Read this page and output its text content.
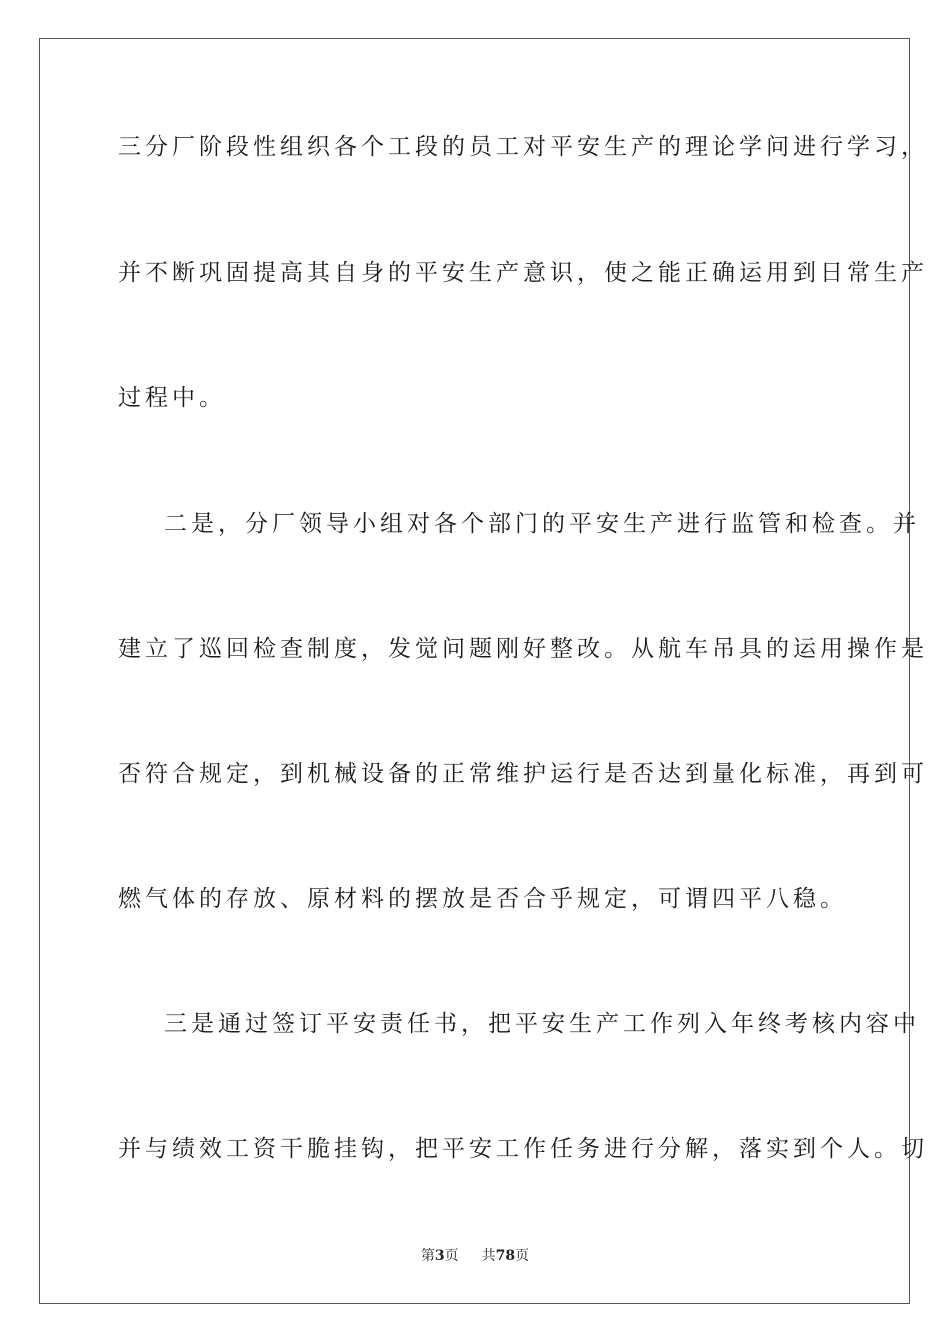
三分厂阶段性组织各个工段的员工对平安生产的理论学问进行学习，
并不断巩固提高其自身的平安生产意识，使之能正确运用到日常生产
过程中。
二是，分厂领导小组对各个部门的平安生产进行监管和检查。并
建立了巡回检查制度，发觉问题刚好整改。从航车吊具的运用操作是
否符合规定，到机械设备的正常维护运行是否达到量化标准，再到可
燃气体的存放、原材料的摆放是否合乎规定，可谓四平八稳。
三是通过签订平安责任书，把平安生产工作列入年终考核内容中
并与绩效工资干脆挂钩，把平安工作任务进行分解，落实到个人。切
第3页 共78页
